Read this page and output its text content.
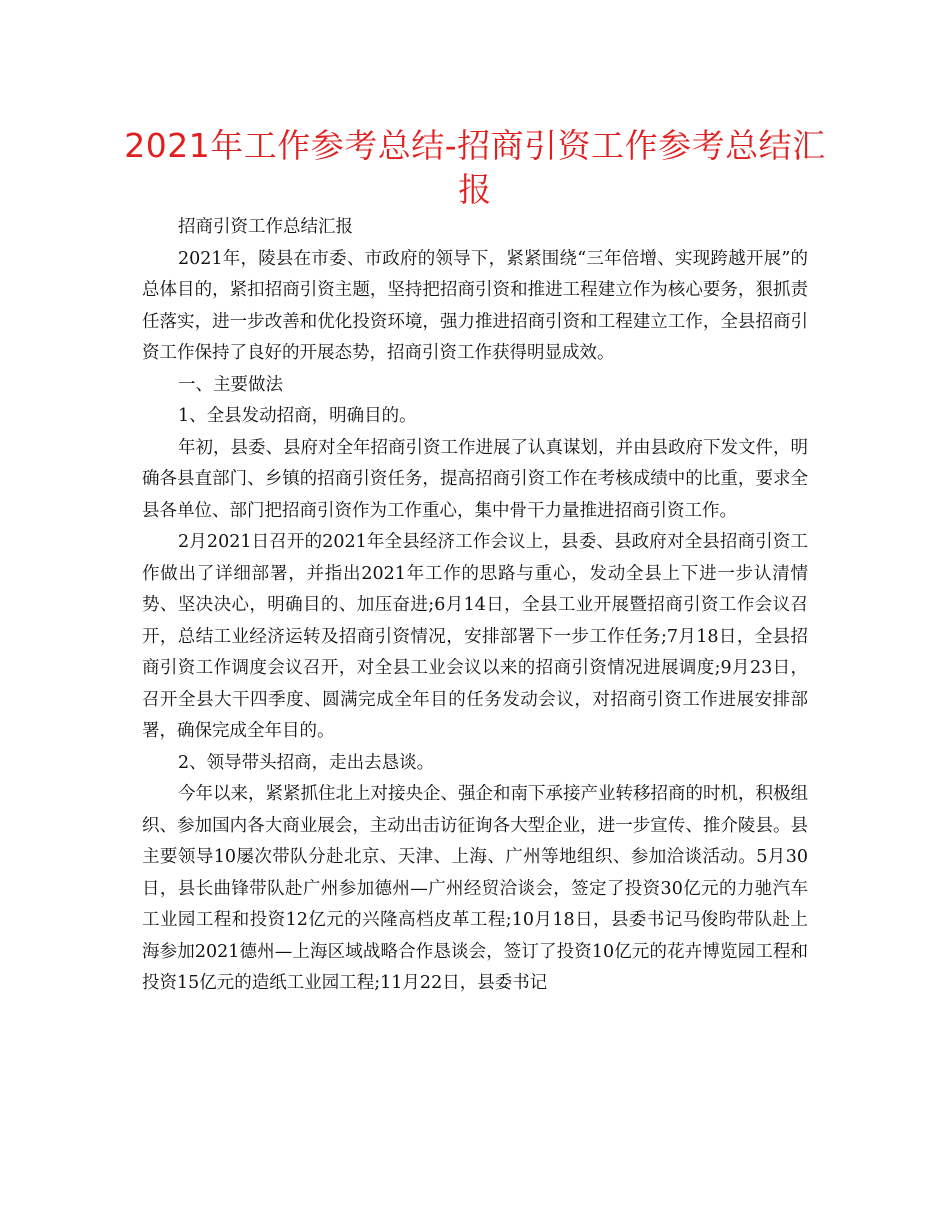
2021年工作参考总结-招商引资工作参考总结汇报

招商引资工作总结汇报

2021年，陵县在市委、市政府的领导下，紧紧围绕“三年倍增、实现跨越开展”的总体目的，紧扣招商引资主题，坚持把招商引资和推进工程建立作为核心要务，狠抓责任落实，进一步改善和优化投资环境，强力推进招商引资和工程建立工作，全县招商引资工作保持了良好的开展态势，招商引资工作获得明显成效。

一、主要做法

1、全县发动招商，明确目的。

年初，县委、县府对全年招商引资工作进展了认真谋划，并由县政府下发文件，明确各县直部门、乡镇的招商引资任务，提高招商引资工作在考核成绩中的比重，要求全县各单位、部门把招商引资作为工作重心，集中骨干力量推进招商引资工作。

2月2021日召开的2021年全县经济工作会议上，县委、县政府对全县招商引资工作做出了详细部署，并指出2021年工作的思路与重心，发动全县上下进一步认清情势、坚决决心，明确目的、加压奋进;6月14日，全县工业开展暨招商引资工作会议召开，总结工业经济运转及招商引资情况，安排部署下一步工作任务;7月18日，全县招商引资工作调度会议召开，对全县工业会议以来的招商引资情况进展调度;9月23日，召开全县大干四季度、圆满完成全年目的任务发动会议，对招商引资工作进展安排部署，确保完成全年目的。

2、领导带头招商，走出去恳谈。

今年以来，紧紧抓住北上对接央企、强企和南下承接产业转移招商的时机，积极组织、参加国内各大商业展会，主动出击访征询各大型企业，进一步宣传、推介陵县。县主要领导10屡次带队分赴北京、天津、上海、广州等地组织、参加洽谈活动。5月30日，县长曲锋带队赴广州参加德州—广州经贸洽谈会，签定了投资30亿元的力驰汽车工业园工程和投资12亿元的兴隆高档皮革工程;10月18日，县委书记马俊昀带队赴上海参加2021德州—上海区域战略合作恳谈会，签订了投资10亿元的花卉博览园工程和投资15亿元的造纸工业园工程;11月22日，县委书记
